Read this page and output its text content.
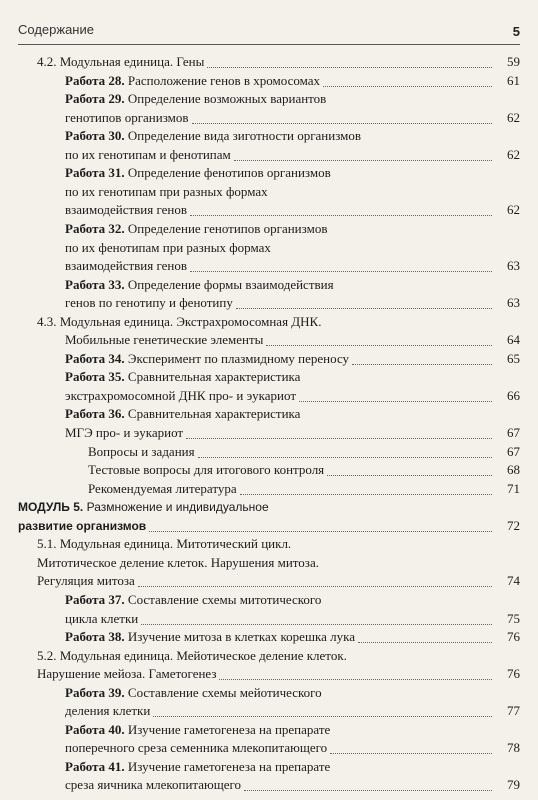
Содержание	5
4.2. Модульная единица. Гены	59
Работа 28. Расположение генов в хромосомах	61
Работа 29. Определение возможных вариантов
генотипов организмов	62
Работа 30. Определение вида зиготности организмов
по их генотипам и фенотипам	62
Работа 31. Определение фенотипов организмов
по их генотипам при разных формах
взаимодействия генов	62
Работа 32. Определение генотипов организмов
по их фенотипам при разных формах
взаимодействия генов	63
Работа 33. Определение формы взаимодействия
генов по генотипу и фенотипу	63
4.3. Модульная единица. Экстрахромосомная ДНК.
Мобильные генетические элементы	64
Работа 34. Эксперимент по плазмидному переносу	65
Работа 35. Сравнительная характеристика
экстрахромосомной ДНК про- и эукариот	66
Работа 36. Сравнительная характеристика
МГЭ про- и эукариот	67
Вопросы и задания	67
Тестовые вопросы для итогового контроля	68
Рекомендуемая литература	71
МОДУЛЬ 5. Размножение и индивидуальное
развитие организмов	72
5.1. Модульная единица. Митотический цикл.
Митотическое деление клеток. Нарушения митоза.
Регуляция митоза	74
Работа 37. Составление схемы митотического
цикла клетки	75
Работа 38. Изучение митоза в клетках корешка лука	76
5.2. Модульная единица. Мейотическое деление клеток.
Нарушение мейоза. Гаметогенез	76
Работа 39. Составление схемы мейотического
деления клетки	77
Работа 40. Изучение гаметогенеза на препарате
поперечного среза семенника млекопитающего	78
Работа 41. Изучение гаметогенеза на препарате
среза яичника млекопитающего	79
